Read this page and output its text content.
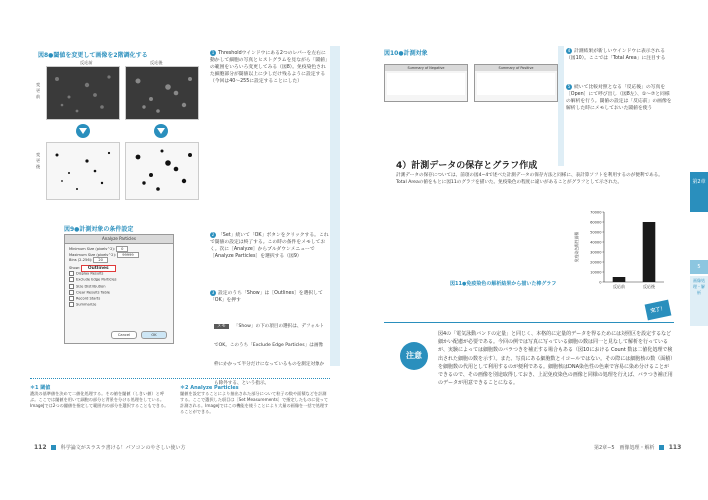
図8●閾値を変更して画像を2階調化する
反応前	反応後
変更前
変更後
1 Thresholdウインドウにある2つのレバーを左右に動かして細胞の写真とヒストグラムを見ながら「閾値」の範囲をいろいろ変更してみる（図8）。免疫染色された細胞部分が閾値以上に少しだけ残るように設定する（今回は40〜255に設定することにした）
図9●計測対象の条件設定
Analyze Particles
Minimum Size (pixels^2): 0
Maximum Size (pixels^2): 99999
Bins (2-256): 20
Show: Outlines
Display Results
Exclude Edge Particles
Size Distribution
Clear Results Table
Record Starts
Summarize
Cancel	OK
2 「Set」続いて「OK」ボタンをクリックする。これで閾値の設定は終了する。この時の条件をメモしておく。次に［Analyze］からプルダウンメニューで［Analyze Particles］を選択する（図9）
3 設定のうち「Show」は［Outlines］を選択して「OK」を押す
メモ 「Show」の下の項目の選択は、デフォルトでOK。このうち「Exclude Edge Particles」は画像枠にかかって半分だけになっているものを測定対象から除外する、という指示。
＊1 閾値
濃淡の基準値を決めて二値化処理する。その値を閾値（しきい値）と呼ぶ。ここでは閾値を用いて細胞の部分と背景を分ける処理をしている。ImageJでは2つの閾値を指定して範囲内の部分を選択することもできる。
＊2 Analyze Particles
閾値を設定することにより抽出された部分について粒子の数や面積などを計測する。ここで選択した項目は［Set Measurements］で指定したものに従って計測される。ImageJではこの機能を使うことにより大量の画像を一括で処理することができる。
112	科学論文がスラスラ書ける！パソコンのやさしい使い方
図10●計測対象
Summary of Negative	Summary of Positive
4 計測結果が新しいウインドウに表示される（図10）。ここでは「Total Area」に注目する
5 続いて比較対照となる「反応後」の写真を［Open］にて呼び出し（図8左）、①〜⑦と同様の解析を行う。閾値の設定は「反応前」の画像を解析した時にメモしておいた閾値を使う
4）計測データの保存とグラフ作成
計測データの保存については、前項の図4−4で述べた計測データの保存方法と同様に、表計算ソフトを利用するのが便利である。Total Areaの値をもとに図11のグラフを描いた。免疫染色の程度に違いがあることがグラフとして示された。
免疫染色陽性面積
0
10000
20000
30000
40000
50000
60000
70000
反応前	反応後
図11●免疫染色の解析結果から描いた棒グラフ
完了！
注意
図4の「電気泳動バンドの定量」と同じく、本格的に定量的データを得るためには対照区を設定するなど細かい配慮が必要である。今回の例では写真に写っている細胞の数は同一と見なして解析を行っているが、実験によっては細胞数のバラつきを補正する場合もある（図10における Count 数は二値化処理で検出された細胞の数を示す）。また、写真にある細胞数とイコールではない。その際には細胞核の数（面積）を細胞数の代用として利用するのが便利である。細胞核はDNA染色性の色素で容易に染め分けることができるので、その画像を別途取得しておき、上記免疫染色の画像と同様の処理を行えば、バラつき補正用のデータが用意できることになる。
第2章
5
画像処理・解析
第2章−5　画像処理・解析 113
